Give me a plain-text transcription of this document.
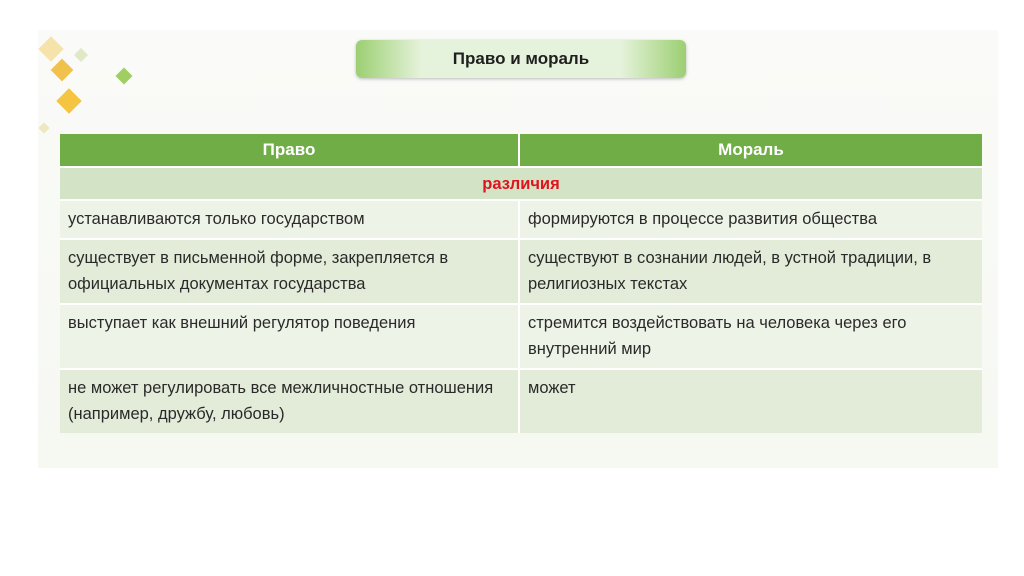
Право и мораль
Право	Мораль
различия	
устанавливаются только государством	формируются в процессе развития общества
существует в письменной форме, закрепляется в официальных документах государства	существуют в сознании людей, в устной традиции, в религиозных текстах
выступает как внешний регулятор поведения	стремится воздействовать на человека через его внутренний мир
не может регулировать все межличностные отношения (например, дружбу, любовь)	может
